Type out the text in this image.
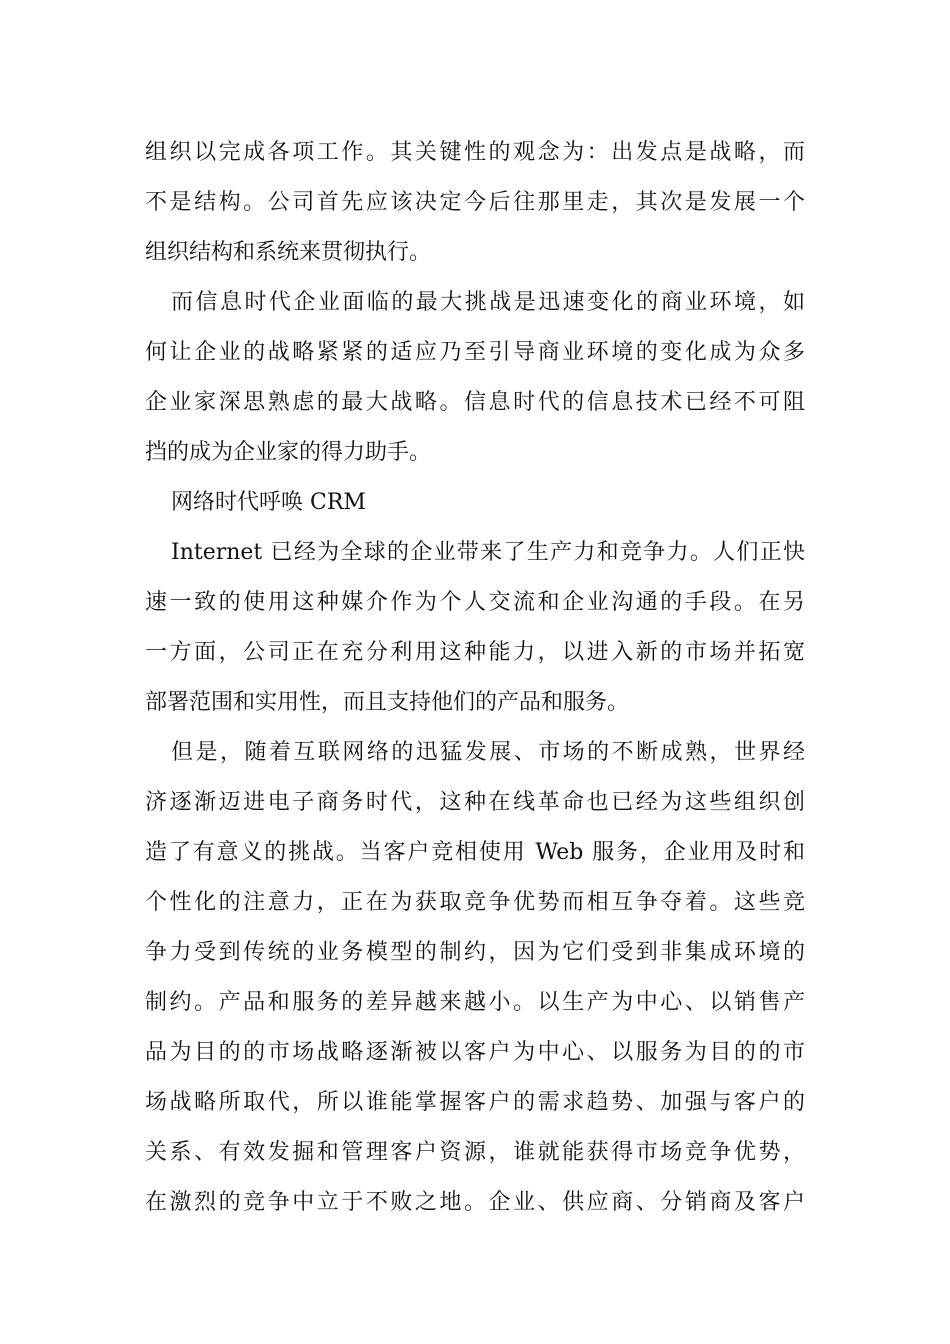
组织以完成各项工作。其关键性的观念为：出发点是战略，而
不是结构。公司首先应该决定今后往那里走，其次是发展一个
组织结构和系统来贯彻执行。
而信息时代企业面临的最大挑战是迅速变化的商业环境，如
何让企业的战略紧紧的适应乃至引导商业环境的变化成为众多
企业家深思熟虑的最大战略。信息时代的信息技术已经不可阻
挡的成为企业家的得力助手。
网络时代呼唤 CRM
Internet 已经为全球的企业带来了生产力和竞争力。人们正快
速一致的使用这种媒介作为个人交流和企业沟通的手段。在另
一方面，公司正在充分利用这种能力，以进入新的市场并拓宽
部署范围和实用性，而且支持他们的产品和服务。
但是，随着互联网络的迅猛发展、市场的不断成熟，世界经
济逐渐迈进电子商务时代，这种在线革命也已经为这些组织创
造了有意义的挑战。当客户竞相使用 Web 服务，企业用及时和
个性化的注意力，正在为获取竞争优势而相互争夺着。这些竞
争力受到传统的业务模型的制约，因为它们受到非集成环境的
制约。产品和服务的差异越来越小。以生产为中心、以销售产
品为目的的市场战略逐渐被以客户为中心、以服务为目的的市
场战略所取代，所以谁能掌握客户的需求趋势、加强与客户的
关系、有效发掘和管理客户资源，谁就能获得市场竞争优势，
在激烈的竞争中立于不败之地。企业、供应商、分销商及客户
